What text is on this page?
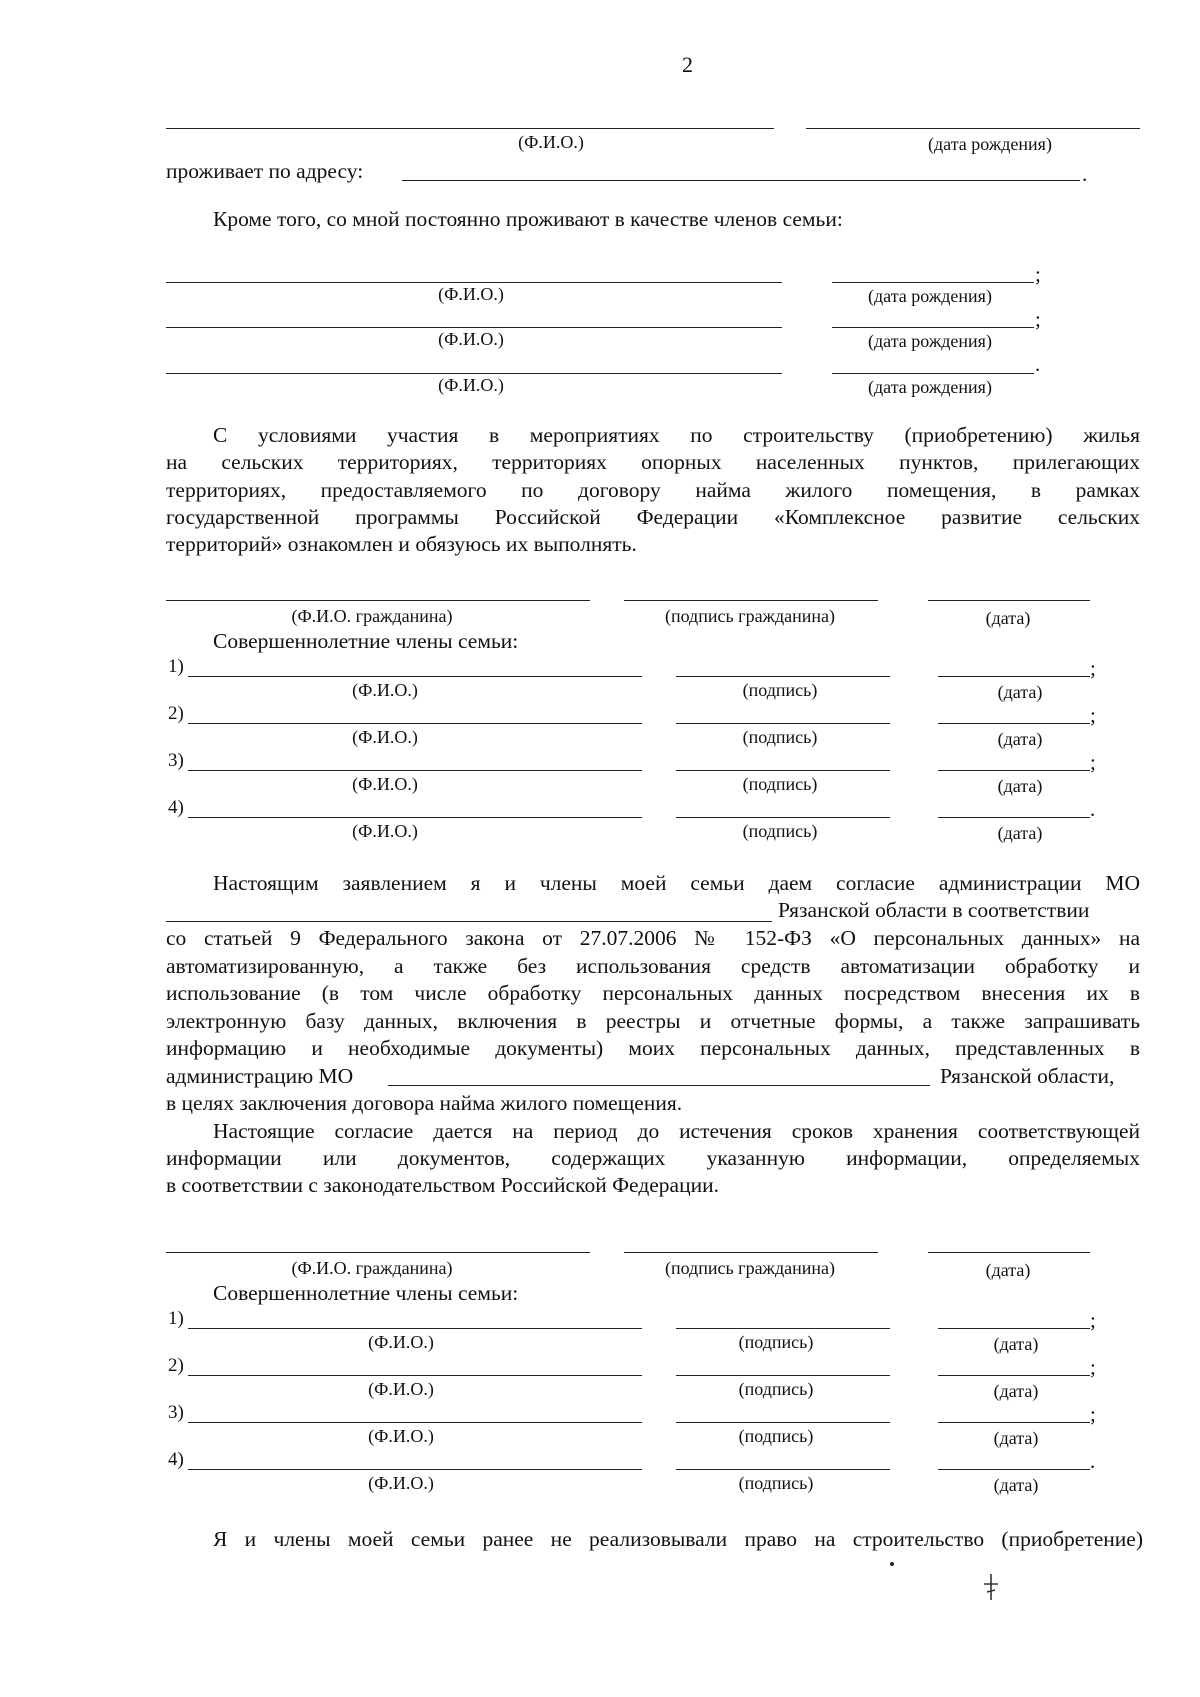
2
(Ф.И.О.)	(дата рождения)
проживает по адресу:	.
Кроме того, со мной постоянно проживают в качестве членов семьи:
;
(Ф.И.О.)	(дата рождения)
;
(Ф.И.О.)	(дата рождения)
.
(Ф.И.О.)	(дата рождения)
С условиями участия в мероприятиях по строительству (приобретению) жилья
на сельских территориях, территориях опорных населенных пунктов, прилегающих
территориях, предоставляемого по договору найма жилого помещения, в рамках
государственной программы Российской Федерации «Комплексное развитие сельских
территорий» ознакомлен и обязуюсь их выполнять.
(Ф.И.О. гражданина)	(подпись гражданина)	(дата)
Совершеннолетние члены семьи:
1)	;
(Ф.И.О.)	(подпись)	(дата)
2)	;
(Ф.И.О.)	(подпись)	(дата)
3)	;
(Ф.И.О.)	(подпись)	(дата)
4)	.
(Ф.И.О.)	(подпись)	(дата)
Настоящим заявлением я и члены моей семьи даем согласие администрации МО
Рязанской области в соответствии
со статьей 9 Федерального закона от 27.07.2006 № 152-ФЗ «О персональных данных» на
автоматизированную, а также без использования средств автоматизации обработку и
использование (в том числе обработку персональных данных посредством внесения их в
электронную базу данных, включения в реестры и отчетные формы, а также запрашивать
информацию и необходимые документы) моих персональных данных, представленных в
администрацию МО	Рязанской области,
в целях заключения договора найма жилого помещения.
Настоящие согласие дается на период до истечения сроков хранения соответствующей
информации или документов, содержащих указанную информации, определяемых
в соответствии с законодательством Российской Федерации.
(Ф.И.О. гражданина)	(подпись гражданина)	(дата)
Совершеннолетние члены семьи:
1)	;
(Ф.И.О.)	(подпись)	(дата)
2)	;
(Ф.И.О.)	(подпись)	(дата)
3)	;
(Ф.И.О.)	(подпись)	(дата)
4)	.
(Ф.И.О.)	(подпись)	(дата)
Я и члены моей семьи ранее не реализовывали право на строительство (приобретение)
